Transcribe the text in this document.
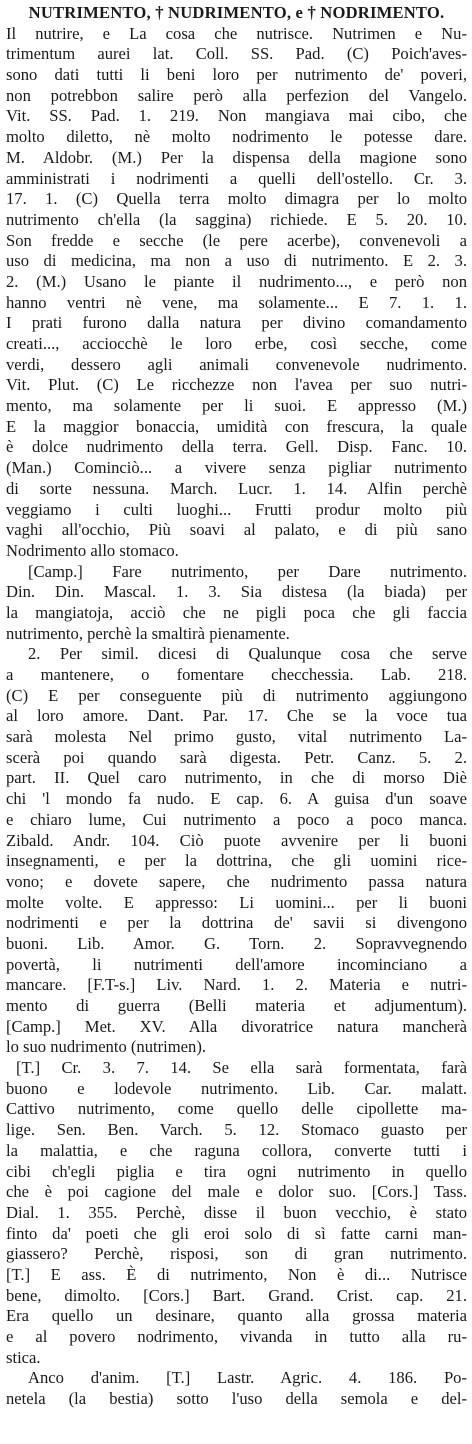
NUTRIMENTO, † NUDRIMENTO, e † NODRIMENTO.
Il nutrire, e La cosa che nutrisce. Nutrimen e Nu-
trimentum aurei lat. Coll. SS. Pad. (C) Poich'aves-
sono dati tutti li beni loro per nutrimento de' poveri,
non potrebbon salire però alla perfezion del Vangelo.
Vit. SS. Pad. 1. 219. Non mangiava mai cibo, che
molto diletto, nè molto nodrimento le potesse dare.
M. Aldobr. (M.) Per la dispensa della magione sono
amministrati i nodrimenti a quelli dell'ostello. Cr. 3.
17. 1. (C) Quella terra molto dimagra per lo molto
nutrimento ch'ella (la saggina) richiede. E 5. 20. 10.
Son fredde e secche (le pere acerbe), convenevoli a
uso di medicina, ma non a uso di nutrimento. E 2. 3.
2. (M.) Usano le piante il nudrimento..., e però non
hanno ventri nè vene, ma solamente... E 7. 1. 1.
I prati furono dalla natura per divino comandamento
creati..., acciocchè le loro erbe, così secche, come
verdi, dessero agli animali convenevole nudrimento.
Vit. Plut. (C) Le ricchezze non l'avea per suo nutri-
mento, ma solamente per li suoi. E appresso (M.)
E la maggior bonaccia, umidità con frescura, la quale
è dolce nudrimento della terra. Gell. Disp. Fanc. 10.
(Man.) Cominciò... a vivere senza pigliar nutrimento
di sorte nessuna. March. Lucr. 1. 14. Alfin perchè
veggiamo i culti luoghi... Frutti produr molto più
vaghi all'occhio, Più soavi al palato, e di più sano
Nodrimento allo stomaco.
[Camp.] Fare nutrimento, per Dare nutrimento.
Din. Din. Mascal. 1. 3. Sia distesa (la biada) per
la mangiatoja, acciò che ne pigli poca che gli faccia
nutrimento, perchè la smaltirà pienamente.
2. Per simil. dicesi di Qualunque cosa che serve
a mantenere, o fomentare checchessia. Lab. 218.
(C) E per conseguente più di nutrimento aggiungono
al loro amore. Dant. Par. 17. Che se la voce tua
sarà molesta Nel primo gusto, vital nutrimento La-
scerà poi quando sarà digesta. Petr. Canz. 5. 2.
part. II. Quel caro nutrimento, in che di morso Diè
chi 'l mondo fa nudo. E cap. 6. A guisa d'un soave
e chiaro lume, Cui nutrimento a poco a poco manca.
Zibald. Andr. 104. Ciò puote avvenire per li buoni
insegnamenti, e per la dottrina, che gli uomini rice-
vono; e dovete sapere, che nudrimento passa natura
molte volte. E appresso: Li uomini... per li buoni
nodrimenti e per la dottrina de' savii si divengono
buoni. Lib. Amor. G. Torn. 2. Sopravvegnendo
povertà, li nutrimenti dell'amore incominciano a
mancare. [F.T-s.] Liv. Nard. 1. 2. Materia e nutri-
mento di guerra (Belli materia et adjumentum).
[Camp.] Met. XV. Alla divoratrice natura mancherà
lo suo nudrimento (nutrimen).
[T.] Cr. 3. 7. 14. Se ella sarà formentata, farà
buono e lodevole nutrimento. Lib. Car. malatt.
Cattivo nutrimento, come quello delle cipollette ma-
lige. Sen. Ben. Varch. 5. 12. Stomaco guasto per
la malattia, e che raguna collora, converte tutti i
cibi ch'egli piglia e tira ogni nutrimento in quello
che è poi cagione del male e dolor suo. [Cors.] Tass.
Dial. 1. 355. Perchè, disse il buon vecchio, è stato
finto da' poeti che gli eroi solo di sì fatte carni man-
giassero? Perchè, risposi, son di gran nutrimento.
[T.] E ass. È di nutrimento, Non è di... Nutrisce
bene, dimolto. [Cors.] Bart. Grand. Crist. cap. 21.
Era quello un desinare, quanto alla grossa materia
e al povero nodrimento, vivanda in tutto alla ru-
stica.
Anco d'anim. [T.] Lastr. Agric. 4. 186. Po-
netela (la bestia) sotto l'uso della semola e del-
